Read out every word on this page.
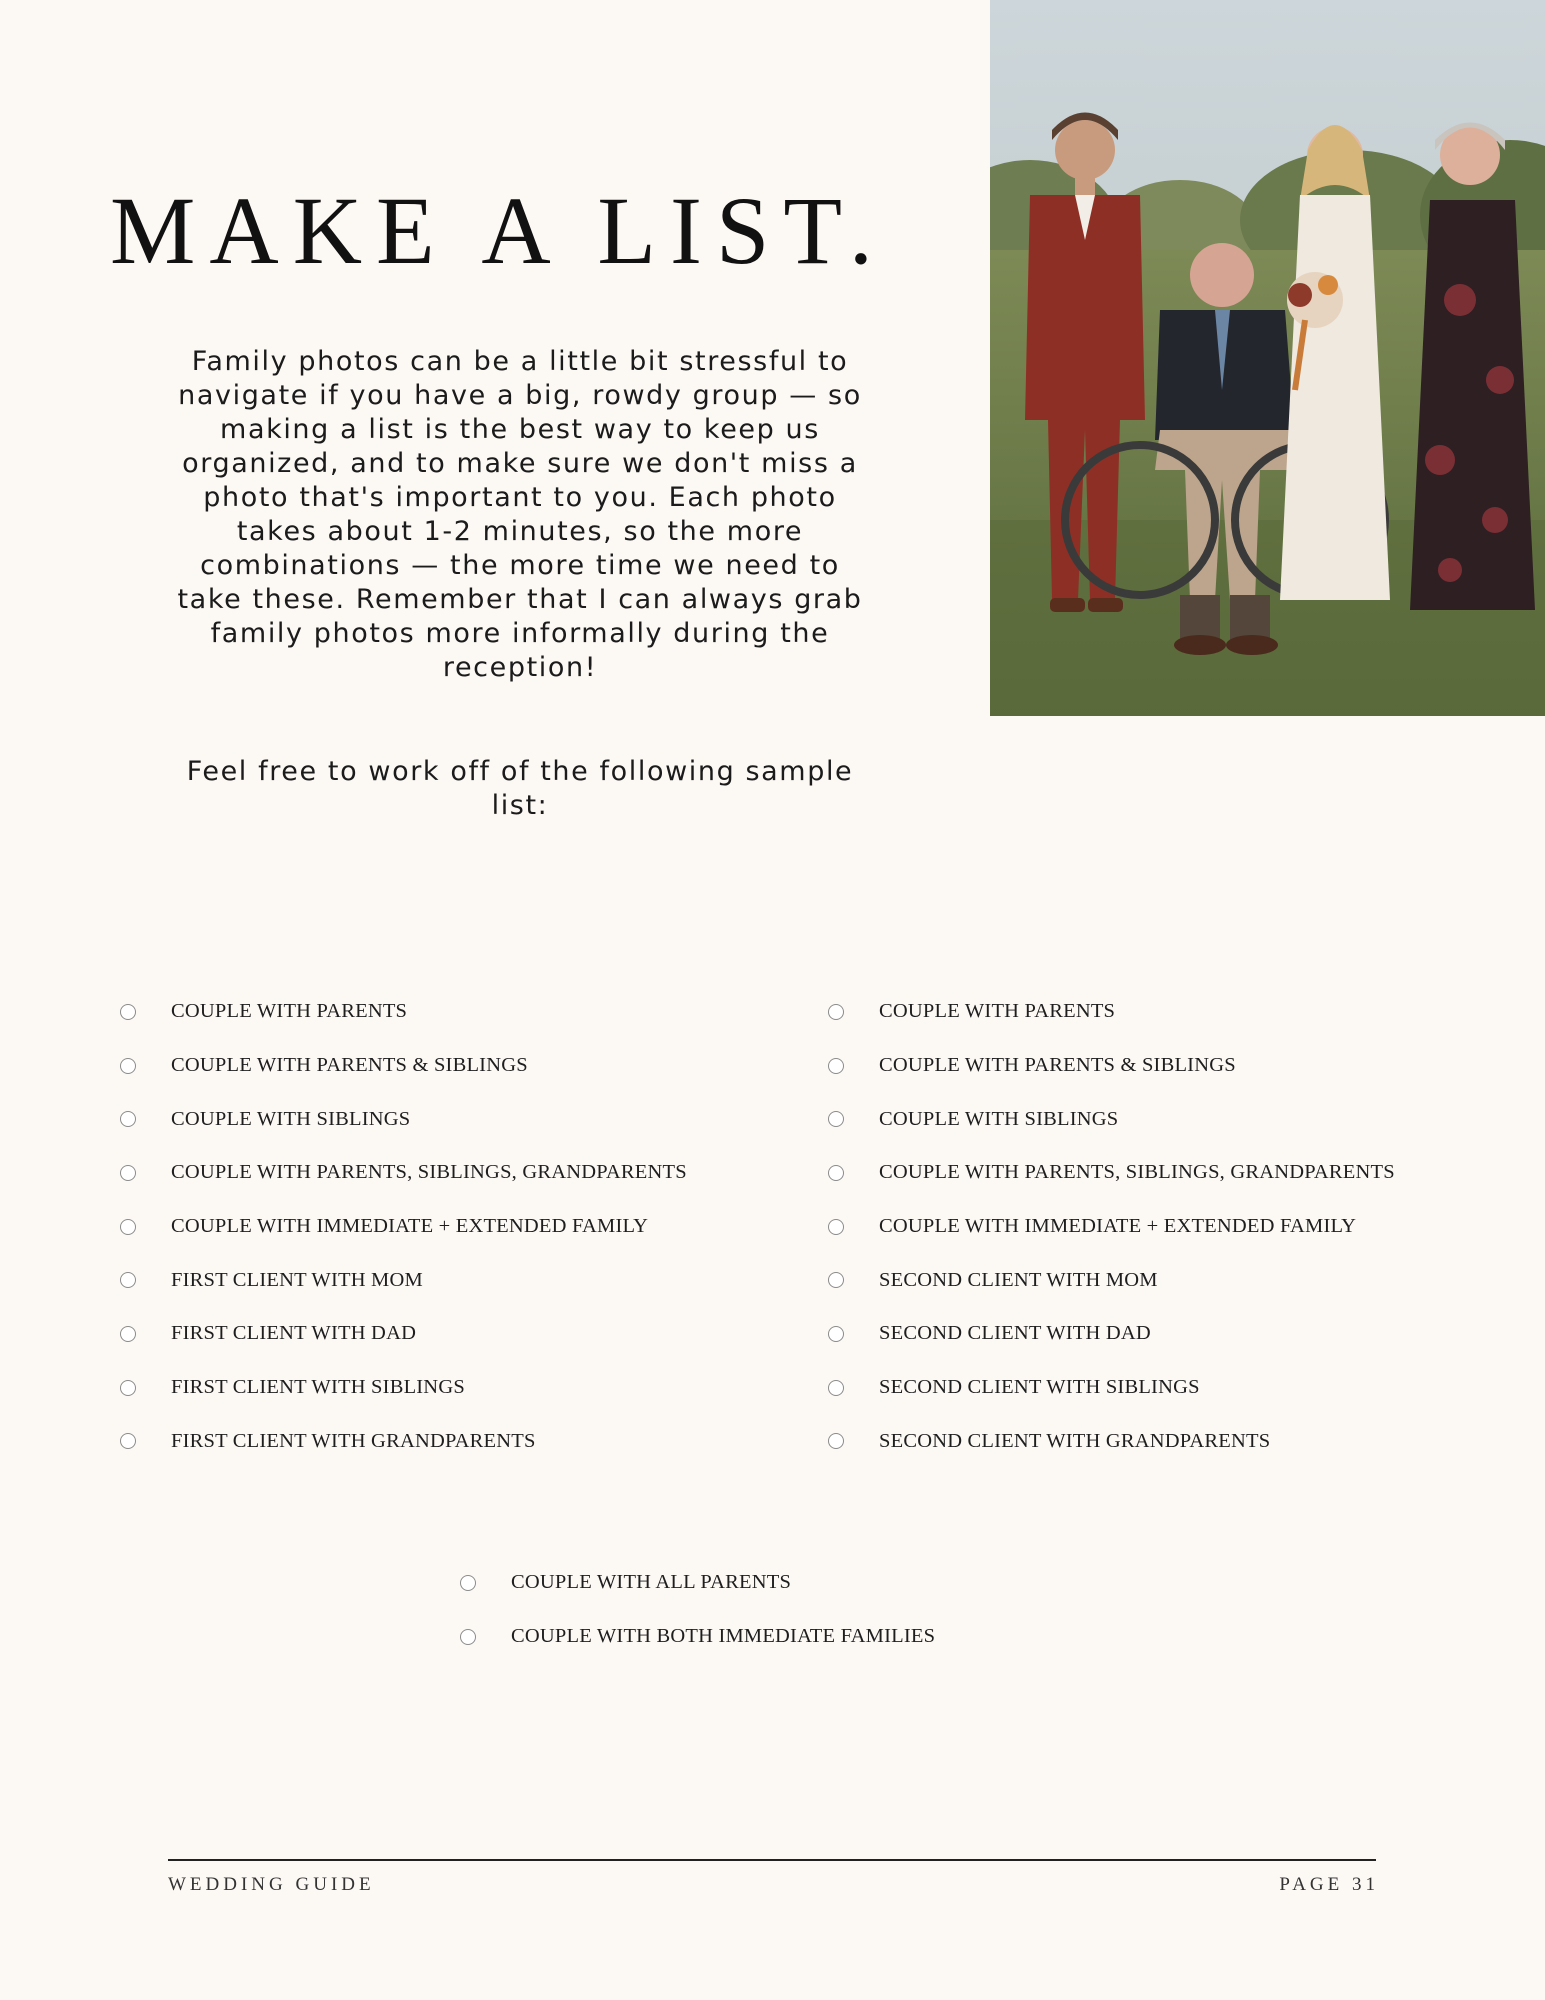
MAKE A LIST.

Family photos can be a little bit stressful to navigate if you have a big, rowdy group — so making a list is the best way to keep us organized, and to make sure we don't miss a photo that's important to you. Each photo takes about 1-2 minutes, so the more combinations — the more time we need to take these. Remember that I can always grab family photos more informally during the reception!

Feel free to work off of the following sample list:

COUPLE WITH PARENTS
COUPLE WITH PARENTS & SIBLINGS
COUPLE WITH SIBLINGS
COUPLE WITH PARENTS, SIBLINGS, GRANDPARENTS
COUPLE WITH IMMEDIATE + EXTENDED FAMILY
FIRST CLIENT WITH MOM
FIRST CLIENT WITH DAD
FIRST CLIENT WITH SIBLINGS
FIRST CLIENT WITH GRANDPARENTS
COUPLE WITH PARENTS
COUPLE WITH PARENTS & SIBLINGS
COUPLE WITH SIBLINGS
COUPLE WITH PARENTS, SIBLINGS, GRANDPARENTS
COUPLE WITH IMMEDIATE + EXTENDED FAMILY
SECOND CLIENT WITH MOM
SECOND CLIENT WITH DAD
SECOND CLIENT WITH SIBLINGS
SECOND CLIENT WITH GRANDPARENTS
COUPLE WITH ALL PARENTS
COUPLE WITH BOTH IMMEDIATE FAMILIES
WEDDING GUIDE	PAGE 31
